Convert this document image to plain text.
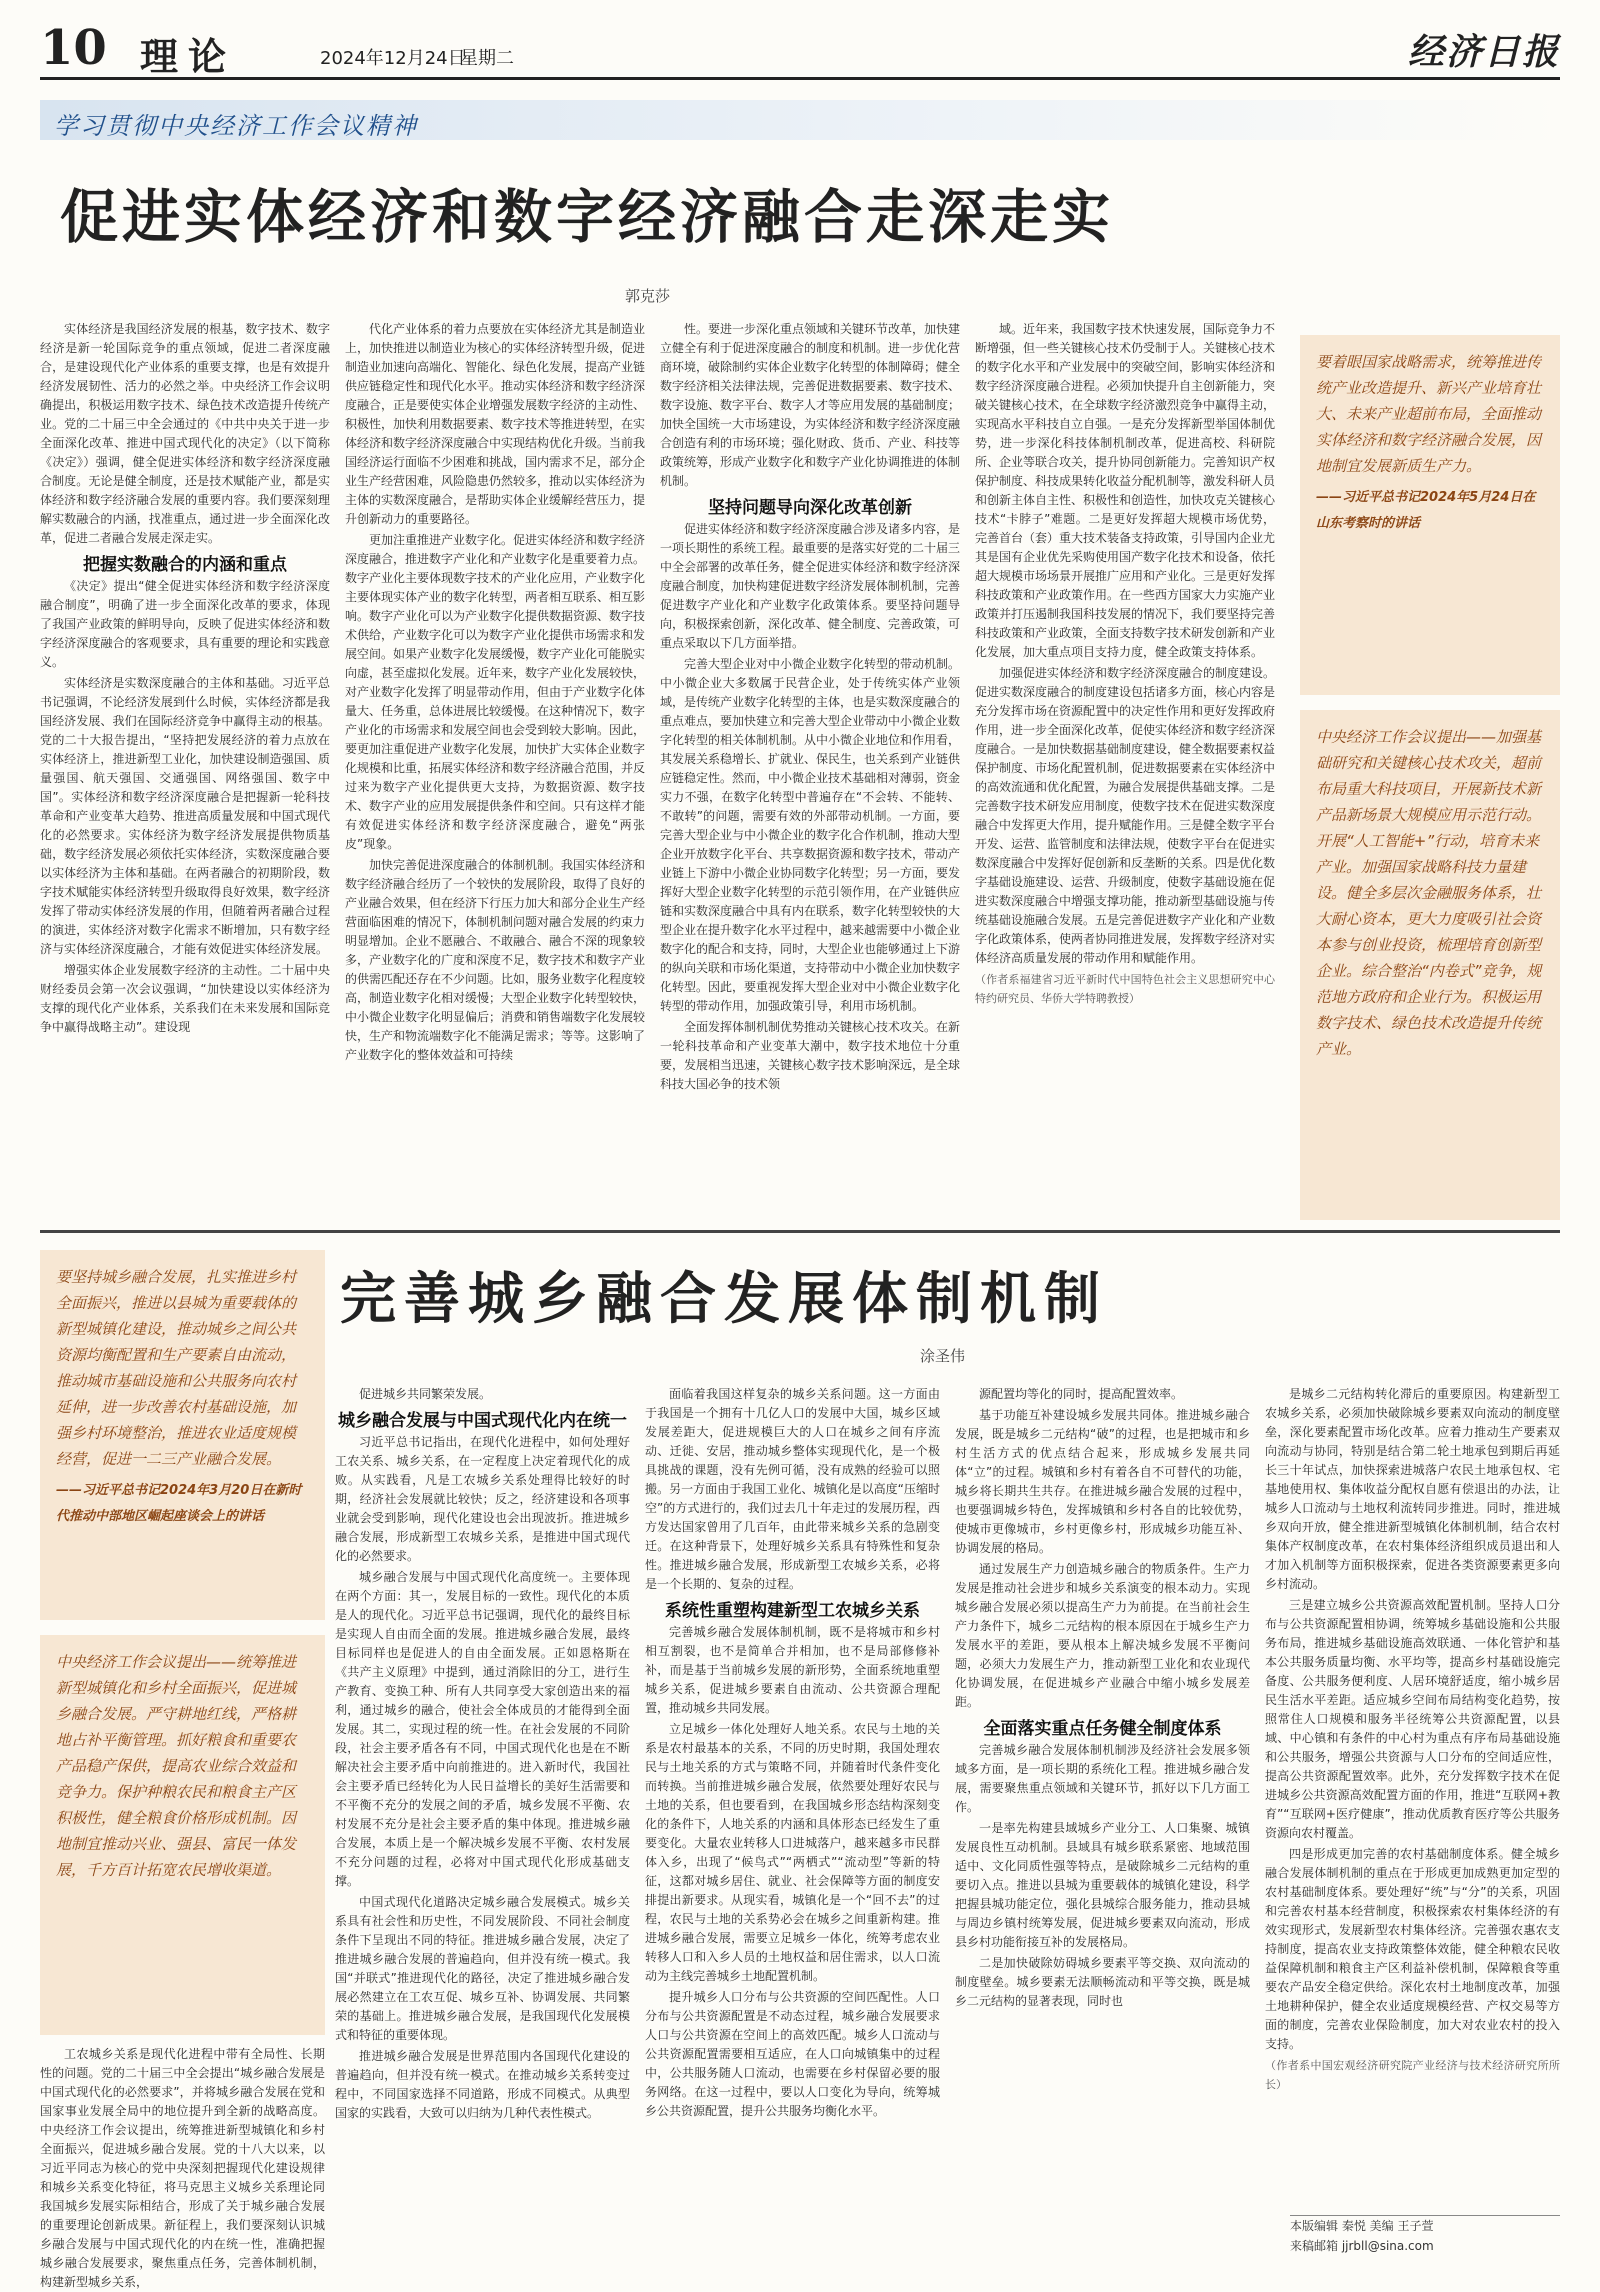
10 理论	2024年12月24日
星期二	经济日报
学习贯彻中央经济工作会议精神
促进实体经济和数字经济融合走深走实
郭克莎

实体经济是我国经济发展的根基，数字技术、数字经济是新一轮国际竞争的重点领域，促进二者深度融合，是建设现代化产业体系的重要支撑，也是有效提升经济发展韧性、活力的必然之举。中央经济工作会议明确提出，积极运用数字技术、绿色技术改造提升传统产业。党的二十届三中全会通过的《中共中央关于进一步全面深化改革、推进中国式现代化的决定》（以下简称《决定》）强调，健全促进实体经济和数字经济深度融合制度。无论是健全制度，还是技术赋能产业，都是实体经济和数字经济融合发展的重要内容。我们要深刻理解实数融合的内涵，找准重点，通过进一步全面深化改革，促进二者融合发展走深走实。

把握实数融合的内涵和重点

《决定》提出“健全促进实体经济和数字经济深度融合制度”，明确了进一步全面深化改革的要求，体现了我国产业政策的鲜明导向，反映了促进实体经济和数字经济深度融合的客观要求，具有重要的理论和实践意义。

实体经济是实数深度融合的主体和基础。习近平总书记强调，不论经济发展到什么时候，实体经济都是我国经济发展、我们在国际经济竞争中赢得主动的根基。党的二十大报告提出，“坚持把发展经济的着力点放在实体经济上，推进新型工业化，加快建设制造强国、质量强国、航天强国、交通强国、网络强国、数字中国”。实体经济和数字经济深度融合是把握新一轮科技革命和产业变革大趋势、推进高质量发展和中国式现代化的必然要求。实体经济为数字经济发展提供物质基础，数字经济发展必须依托实体经济，实数深度融合要以实体经济为主体和基础。在两者融合的初期阶段，数字技术赋能实体经济转型升级取得良好效果，数字经济发挥了带动实体经济发展的作用，但随着两者融合过程的演进，实体经济对数字化需求不断增加，只有数字经济与实体经济深度融合，才能有效促进实体经济发展。

增强实体企业发展数字经济的主动性。二十届中央财经委员会第一次会议强调，“加快建设以实体经济为支撑的现代化产业体系，关系我们在未来发展和国际竞争中赢得战略主动”。建设现

代化产业体系的着力点要放在实体经济尤其是制造业上，加快推进以制造业为核心的实体经济转型升级，促进制造业加速向高端化、智能化、绿色化发展，提高产业链供应链稳定性和现代化水平。推动实体经济和数字经济深度融合，正是要使实体企业增强发展数字经济的主动性、积极性，加快利用数据要素、数字技术等推进转型，在实体经济和数字经济深度融合中实现结构优化升级。当前我国经济运行面临不少困难和挑战，国内需求不足，部分企业生产经营困难，风险隐患仍然较多，推动以实体经济为主体的实数深度融合，是帮助实体企业缓解经营压力，提升创新动力的重要路径。

更加注重推进产业数字化。促进实体经济和数字经济深度融合，推进数字产业化和产业数字化是重要着力点。数字产业化主要体现数字技术的产业化应用，产业数字化主要体现实体产业的数字化转型，两者相互联系、相互影响。数字产业化可以为产业数字化提供数据资源、数字技术供给，产业数字化可以为数字产业化提供市场需求和发展空间。如果产业数字化发展缓慢，数字产业化可能脱实向虚，甚至虚拟化发展。近年来，数字产业化发展较快，对产业数字化发挥了明显带动作用，但由于产业数字化体量大、任务重，总体进展比较缓慢。在这种情况下，数字产业化的市场需求和发展空间也会受到较大影响。因此，要更加注重促进产业数字化发展，加快扩大实体企业数字化规模和比重，拓展实体经济和数字经济融合范围，并反过来为数字产业化提供更大支持，为数据资源、数字技术、数字产业的应用发展提供条件和空间。只有这样才能有效促进实体经济和数字经济深度融合，避免“两张皮”现象。

加快完善促进深度融合的体制机制。我国实体经济和数字经济融合经历了一个较快的发展阶段，取得了良好的产业融合效果，但在经济下行压力加大和部分企业生产经营面临困难的情况下，体制机制问题对融合发展的约束力明显增加。企业不愿融合、不敢融合、融合不深的现象较多，产业数字化的广度和深度不足，数字技术和数字产业的供需匹配还存在不少问题。比如，服务业数字化程度较高，制造业数字化相对缓慢；大型企业数字化转型较快，中小微企业数字化明显偏后；消费和销售端数字化发展较快，生产和物流端数字化不能满足需求；等等。这影响了产业数字化的整体效益和可持续

性。要进一步深化重点领域和关键环节改革，加快建立健全有利于促进深度融合的制度和机制。进一步优化营商环境，破除制约实体企业数字化转型的体制障碍；健全数字经济相关法律法规，完善促进数据要素、数字技术、数字设施、数字平台、数字人才等应用发展的基础制度；加快全国统一大市场建设，为实体经济和数字经济深度融合创造有利的市场环境；强化财政、货币、产业、科技等政策统筹，形成产业数字化和数字产业化协调推进的体制机制。

坚持问题导向深化改革创新

促进实体经济和数字经济深度融合涉及诸多内容，是一项长期性的系统工程。最重要的是落实好党的二十届三中全会部署的改革任务，健全促进实体经济和数字经济深度融合制度，加快构建促进数字经济发展体制机制，完善促进数字产业化和产业数字化政策体系。要坚持问题导向，积极探索创新，深化改革、健全制度、完善政策，可重点采取以下几方面举措。

完善大型企业对中小微企业数字化转型的带动机制。中小微企业大多数属于民营企业，处于传统实体产业领域，是传统产业数字化转型的主体，也是实数深度融合的重点难点，要加快建立和完善大型企业带动中小微企业数字化转型的相关体制机制。从中小微企业地位和作用看，其发展关系稳增长、扩就业、保民生，也关系到产业链供应链稳定性。然而，中小微企业技术基础相对薄弱，资金实力不强，在数字化转型中普遍存在“不会转、不能转、不敢转”的问题，需要有效的外部带动机制。一方面，要完善大型企业与中小微企业的数字化合作机制，推动大型企业开放数字化平台、共享数据资源和数字技术，带动产业链上下游中小微企业协同数字化转型；另一方面，要发挥好大型企业数字化转型的示范引领作用，在产业链供应链和实数深度融合中具有内在联系，数字化转型较快的大型企业在提升数字化水平过程中，越来越需要中小微企业数字化的配合和支持，同时，大型企业也能够通过上下游的纵向关联和市场化渠道，支持带动中小微企业加快数字化转型。因此，要重视发挥大型企业对中小微企业数字化转型的带动作用，加强政策引导，利用市场机制。

全面发挥体制机制优势推动关键核心技术攻关。在新一轮科技革命和产业变革大潮中，数字技术地位十分重要，发展相当迅速，关键核心数字技术影响深远，是全球科技大国必争的技术领

域。近年来，我国数字技术快速发展，国际竞争力不断增强，但一些关键核心技术仍受制于人。关键核心技术的数字化水平和产业发展中的突破空间，影响实体经济和数字经济深度融合进程。必须加快提升自主创新能力，突破关键核心技术，在全球数字经济激烈竞争中赢得主动，实现高水平科技自立自强。一是充分发挥新型举国体制优势，进一步深化科技体制机制改革，促进高校、科研院所、企业等联合攻关，提升协同创新能力。完善知识产权保护制度、科技成果转化收益分配机制等，激发科研人员和创新主体自主性、积极性和创造性，加快攻克关键核心技术“卡脖子”难题。二是更好发挥超大规模市场优势，完善首台（套）重大技术装备支持政策，引导国内企业尤其是国有企业优先采购使用国产数字化技术和设备，依托超大规模市场场景开展推广应用和产业化。三是更好发挥科技政策和产业政策作用。在一些西方国家大力实施产业政策并打压遏制我国科技发展的情况下，我们要坚持完善科技政策和产业政策，全面支持数字技术研发创新和产业化发展，加大重点项目支持力度，健全政策支持体系。

加强促进实体经济和数字经济深度融合的制度建设。促进实数深度融合的制度建设包括诸多方面，核心内容是充分发挥市场在资源配置中的决定性作用和更好发挥政府作用，进一步全面深化改革，促使实体经济和数字经济深度融合。一是加快数据基础制度建设，健全数据要素权益保护制度、市场化配置机制，促进数据要素在实体经济中的高效流通和优化配置，为融合发展提供基础支撑。二是完善数字技术研发应用制度，使数字技术在促进实数深度融合中发挥更大作用，提升赋能作用。三是健全数字平台开发、运营、监管制度和法律法规，使数字平台在促进实数深度融合中发挥好促创新和反垄断的关系。四是优化数字基础设施建设、运营、升级制度，使数字基础设施在促进实数深度融合中增强支撑功能，推动新型基础设施与传统基础设施融合发展。五是完善促进数字产业化和产业数字化政策体系，使两者协同推进发展，发挥数字经济对实体经济高质量发展的带动作用和赋能作用。

（作者系福建省习近平新时代中国特色社会主义思想研究中心特约研究员、华侨大学特聘教授）

要着眼国家战略需求，统筹推进传统产业改造提升、新兴产业培育壮大、未来产业超前布局，全面推动实体经济和数字经济融合发展，因地制宜发展新质生产力。
——习近平总书记2024年5月24日在山东考察时的讲话
中央经济工作会议提出——加强基础研究和关键核心技术攻关，超前布局重大科技项目，开展新技术新产品新场景大规模应用示范行动。开展“人工智能+”行动，培育未来产业。加强国家战略科技力量建设。健全多层次金融服务体系，壮大耐心资本，更大力度吸引社会资本参与创业投资，梳理培育创新型企业。综合整治“内卷式”竞争，规范地方政府和企业行为。积极运用数字技术、绿色技术改造提升传统产业。
要坚持城乡融合发展，扎实推进乡村全面振兴，推进以县城为重要载体的新型城镇化建设，推动城乡之间公共资源均衡配置和生产要素自由流动，推动城市基础设施和公共服务向农村延伸，进一步改善农村基础设施，加强乡村环境整治，推进农业适度规模经营，促进一二三产业融合发展。
——习近平总书记2024年3月20日在新时代推动中部地区崛起座谈会上的讲话
中央经济工作会议提出——统筹推进新型城镇化和乡村全面振兴，促进城乡融合发展。严守耕地红线，严格耕地占补平衡管理。抓好粮食和重要农产品稳产保供，提高农业综合效益和竞争力。保护种粮农民和粮食主产区积极性，健全粮食价格形成机制。因地制宜推动兴业、强县、富民一体发展，千方百计拓宽农民增收渠道。
完善城乡融合发展体制机制
涂圣伟

工农城乡关系是现代化进程中带有全局性、长期性的问题。党的二十届三中全会提出“城乡融合发展是中国式现代化的必然要求”，并将城乡融合发展在党和国家事业发展全局中的地位提升到全新的战略高度。中央经济工作会议提出，统筹推进新型城镇化和乡村全面振兴，促进城乡融合发展。党的十八大以来，以习近平同志为核心的党中央深刻把握现代化建设规律和城乡关系变化特征，将马克思主义城乡关系理论同我国城乡发展实际相结合，形成了关于城乡融合发展的重要理论创新成果。新征程上，我们要深刻认识城乡融合发展与中国式现代化的内在统一性，准确把握城乡融合发展要求，聚焦重点任务，完善体制机制，构建新型城乡关系，

促进城乡共同繁荣发展。

城乡融合发展与中国式现代化内在统一

习近平总书记指出，在现代化进程中，如何处理好工农关系、城乡关系，在一定程度上决定着现代化的成败。从实践看，凡是工农城乡关系处理得比较好的时期，经济社会发展就比较快；反之，经济建设和各项事业就会受到影响，现代化建设也会出现波折。推进城乡融合发展，形成新型工农城乡关系，是推进中国式现代化的必然要求。

城乡融合发展与中国式现代化高度统一。主要体现在两个方面：其一，发展目标的一致性。现代化的本质是人的现代化。习近平总书记强调，现代化的最终目标是实现人自由而全面的发展。推进城乡融合发展，最终目标同样也是促进人的自由全面发展。正如恩格斯在《共产主义原理》中提到，通过消除旧的分工，进行生产教育、变换工种、所有人共同享受大家创造出来的福利，通过城乡的融合，使社会全体成员的才能得到全面发展。其二，实现过程的统一性。在社会发展的不同阶段，社会主要矛盾各有不同，中国式现代化也是在不断解决社会主要矛盾中向前推进的。进入新时代，我国社会主要矛盾已经转化为人民日益增长的美好生活需要和不平衡不充分的发展之间的矛盾，城乡发展不平衡、农村发展不充分是社会主要矛盾的集中体现。推进城乡融合发展，本质上是一个解决城乡发展不平衡、农村发展不充分问题的过程，必将对中国式现代化形成基础支撑。

中国式现代化道路决定城乡融合发展模式。城乡关系具有社会性和历史性，不同发展阶段、不同社会制度条件下呈现出不同的特征。推进城乡融合发展，决定了推进城乡融合发展的普遍趋向，但并没有统一模式。我国“并联式”推进现代化的路径，决定了推进城乡融合发展必然建立在工农互促、城乡互补、协调发展、共同繁荣的基础上。推进城乡融合发展，是我国现代化发展模式和特征的重要体现。

推进城乡融合发展是世界范围内各国现代化建设的普遍趋向，但并没有统一模式。在推动城乡关系转变过程中，不同国家选择不同道路，形成不同模式。从典型国家的实践看，大致可以归纳为几种代表性模式。

面临着我国这样复杂的城乡关系问题。这一方面由于我国是一个拥有十几亿人口的发展中大国，城乡区域发展差距大，促进规模巨大的人口在城乡之间有序流动、迁徙、安居，推动城乡整体实现现代化，是一个极具挑战的课题，没有先例可循，没有成熟的经验可以照搬。另一方面由于我国工业化、城镇化是以高度“压缩时空”的方式进行的，我们过去几十年走过的发展历程，西方发达国家曾用了几百年，由此带来城乡关系的急剧变迁。在这种背景下，处理好城乡关系具有特殊性和复杂性。推进城乡融合发展，形成新型工农城乡关系，必将是一个长期的、复杂的过程。

系统性重塑构建新型工农城乡关系

完善城乡融合发展体制机制，既不是将城市和乡村相互割裂，也不是简单合并相加，也不是局部修修补补，而是基于当前城乡发展的新形势，全面系统地重塑城乡关系，促进城乡要素自由流动、公共资源合理配置，推动城乡共同发展。

立足城乡一体化处理好人地关系。农民与土地的关系是农村最基本的关系，不同的历史时期，我国处理农民与土地关系的方式与策略不同，并随着时代条件变化而转换。当前推进城乡融合发展，依然要处理好农民与土地的关系，但也要看到，在我国城乡形态结构深刻变化的条件下，人地关系的内涵和具体形态已经发生了重要变化。大量农业转移人口进城落户，越来越多市民群体入乡，出现了“候鸟式”“两栖式”“流动型”等新的特征，这都对城乡居住、就业、社会保障等方面的制度安排提出新要求。从现实看，城镇化是一个“回不去”的过程，农民与土地的关系势必会在城乡之间重新构建。推进城乡融合发展，需要立足城乡一体化，统筹考虑农业转移人口和入乡人员的土地权益和居住需求，以人口流动为主线完善城乡土地配置机制。

提升城乡人口分布与公共资源的空间匹配性。人口分布与公共资源配置是不动态过程，城乡融合发展要求人口与公共资源在空间上的高效匹配。城乡人口流动与公共资源配置需要相互适应，在人口向城镇集中的过程中，公共服务随人口流动，也需要在乡村保留必要的服务网络。在这一过程中，要以人口变化为导向，统筹城乡公共资源配置，提升公共服务均衡化水平。

源配置均等化的同时，提高配置效率。

基于功能互补建设城乡发展共同体。推进城乡融合发展，既是城乡二元结构“破”的过程，也是把城市和乡村生活方式的优点结合起来，形成城乡发展共同体“立”的过程。城镇和乡村有着各自不可替代的功能，城乡将长期共生共存。在推进城乡融合发展的过程中，也要强调城乡特色，发挥城镇和乡村各自的比较优势，使城市更像城市，乡村更像乡村，形成城乡功能互补、协调发展的格局。

通过发展生产力创造城乡融合的物质条件。生产力发展是推动社会进步和城乡关系演变的根本动力。实现城乡融合发展必须以提高生产力为前提。在当前社会生产力条件下，城乡二元结构的根本原因在于城乡生产力发展水平的差距，要从根本上解决城乡发展不平衡问题，必须大力发展生产力，推动新型工业化和农业现代化协调发展，在促进城乡产业融合中缩小城乡发展差距。

全面落实重点任务健全制度体系

完善城乡融合发展体制机制涉及经济社会发展多领域多方面，是一项长期的系统化工程。推进城乡融合发展，需要聚焦重点领域和关键环节，抓好以下几方面工作。

一是率先构建县域城乡产业分工、人口集聚、城镇发展良性互动机制。县域具有城乡联系紧密、地域范围适中、文化同质性强等特点，是破除城乡二元结构的重要切入点。推进以县城为重要载体的城镇化建设，科学把握县城功能定位，强化县城综合服务能力，推动县城与周边乡镇村统筹发展，促进城乡要素双向流动，形成县乡村功能衔接互补的发展格局。

二是加快破除妨碍城乡要素平等交换、双向流动的制度壁垒。城乡要素无法顺畅流动和平等交换，既是城乡二元结构的显著表现，同时也

是城乡二元结构转化滞后的重要原因。构建新型工农城乡关系，必须加快破除城乡要素双向流动的制度壁垒，深化要素配置市场化改革。应着力推动生产要素双向流动与协同，特别是结合第二轮土地承包到期后再延长三十年试点，加快探索进城落户农民土地承包权、宅基地使用权、集体收益分配权自愿有偿退出的办法，让城乡人口流动与土地权利流转同步推进。同时，推进城乡双向开放，健全推进新型城镇化体制机制，结合农村集体产权制度改革，在农村集体经济组织成员退出和人才加入机制等方面积极探索，促进各类资源要素更多向乡村流动。

三是建立城乡公共资源高效配置机制。坚持人口分布与公共资源配置相协调，统筹城乡基础设施和公共服务布局，推进城乡基础设施高效联通、一体化管护和基本公共服务质量均衡、水平均等，提高乡村基础设施完备度、公共服务便利度、人居环境舒适度，缩小城乡居民生活水平差距。适应城乡空间布局结构变化趋势，按照常住人口规模和服务半径统筹公共资源配置，以县域、中心镇和有条件的中心村为重点有序布局基础设施和公共服务，增强公共资源与人口分布的空间适应性，提高公共资源配置效率。此外，充分发挥数字技术在促进城乡公共资源高效配置方面的作用，推进“互联网+教育”“互联网+医疗健康”，推动优质教育医疗等公共服务资源向农村覆盖。

四是形成更加完善的农村基础制度体系。健全城乡融合发展体制机制的重点在于形成更加成熟更加定型的农村基础制度体系。要处理好“统”与“分”的关系，巩固和完善农村基本经营制度，积极探索农村集体经济的有效实现形式，发展新型农村集体经济。完善强农惠农支持制度，提高农业支持政策整体效能，健全种粮农民收益保障机制和粮食主产区利益补偿机制，保障粮食等重要农产品安全稳定供给。深化农村土地制度改革，加强土地耕种保护，健全农业适度规模经营、产权交易等方面的制度，完善农业保险制度，加大对农业农村的投入支持。

（作者系中国宏观经济研究院产业经济与技术经济研究所所长）

本版编辑 秦悦 美编 王子萱
来稿邮箱 jjrbll@sina.com
